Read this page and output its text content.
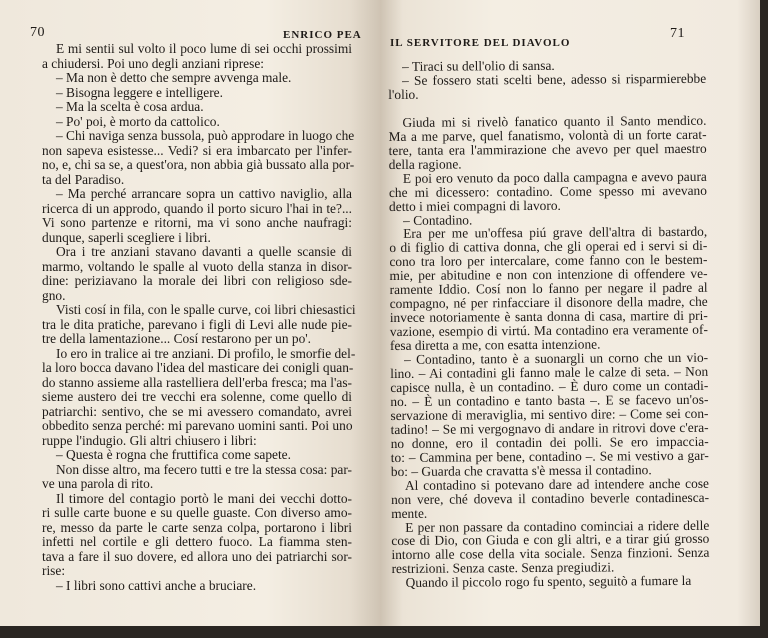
70	ENRICO PEA
E mi sentii sul volto il poco lume di sei occhi prossimi
a chiudersi. Poi uno degli anziani riprese:
– Ma non è detto che sempre avvenga male.
– Bisogna leggere e intelligere.
– Ma la scelta è cosa ardua.
– Po' poi, è morto da cattolico.
– Chi naviga senza bussola, può approdare in luogo che
non sapeva esistesse... Vedi? si era imbarcato per l'infer-
no, e, chi sa se, a quest'ora, non abbia già bussato alla por-
ta del Paradiso.
– Ma perché arrancare sopra un cattivo naviglio, alla
ricerca di un approdo, quando il porto sicuro l'hai in te?...
Vi sono partenze e ritorni, ma vi sono anche naufragi:
dunque, saperli scegliere i libri.
Ora i tre anziani stavano davanti a quelle scansie di
marmo, voltando le spalle al vuoto della stanza in disor-
dine: periziavano la morale dei libri con religioso sde-
gno.
Visti cosí in fila, con le spalle curve, coi libri chiesastici
tra le dita pratiche, parevano i figli di Levi alle nude pie-
tre della lamentazione... Cosí restarono per un po'.
Io ero in tralice ai tre anziani. Di profilo, le smorfie del-
la loro bocca davano l'idea del masticare dei conigli quan-
do stanno assieme alla rastelliera dell'erba fresca; ma l'as-
sieme austero dei tre vecchi era solenne, come quello di
patriarchi: sentivo, che se mi avessero comandato, avrei
obbedito senza perché: mi parevano uomini santi. Poi uno
ruppe l'indugio. Gli altri chiusero i libri:
– Questa è rogna che fruttifica come sapete.
Non disse altro, ma fecero tutti e tre la stessa cosa: par-
ve una parola di rito.
Il timore del contagio portò le mani dei vecchi dotto-
ri sulle carte buone e su quelle guaste. Con diverso amo-
re, messo da parte le carte senza colpa, portarono i libri
infetti nel cortile e gli dettero fuoco. La fiamma sten-
tava a fare il suo dovere, ed allora uno dei patriarchi sor-
rise:
– I libri sono cattivi anche a bruciare.
71
IL SERVITORE DEL DIAVOLO
– Tiraci su dell'olio di sansa.
– Se fossero stati scelti bene, adesso si risparmierebbe
l'olio.
Giuda mi si rivelò fanatico quanto il Santo mendico.
Ma a me parve, quel fanatismo, volontà di un forte carat-
tere, tanta era l'ammirazione che avevo per quel maestro
della ragione.
E poi ero venuto da poco dalla campagna e avevo paura
che mi dicessero: contadino. Come spesso mi avevano
detto i miei compagni di lavoro.
– Contadino.
Era per me un'offesa piú grave dell'altra di bastardo,
o di figlio di cattiva donna, che gli operai ed i servi si di-
cono tra loro per intercalare, come fanno con le bestem-
mie, per abitudine e non con intenzione di offendere ve-
ramente Iddio. Cosí non lo fanno per negare il padre al
compagno, né per rinfacciare il disonore della madre, che
invece notoriamente è santa donna di casa, martire di pri-
vazione, esempio di virtú. Ma contadino era veramente of-
fesa diretta a me, con esatta intenzione.
– Contadino, tanto è a suonargli un corno che un vio-
lino. – Ai contadini gli fanno male le calze di seta. – Non
capisce nulla, è un contadino. – È duro come un contadi-
no. – È un contadino e tanto basta –. E se facevo un'os-
servazione di meraviglia, mi sentivo dire: – Come sei con-
tadino! – Se mi vergognavo di andare in ritrovi dove c'era-
no donne, ero il contadin dei polli. Se ero impaccia-
to: – Cammina per bene, contadino –. Se mi vestivo a gar-
bo: – Guarda che cravatta s'è messa il contadino.
Al contadino si potevano dare ad intendere anche cose
non vere, ché doveva il contadino beverle contadinesca-
mente.
E per non passare da contadino cominciai a ridere delle
cose di Dio, con Giuda e con gli altri, e a tirar giú grosso
intorno alle cose della vita sociale. Senza finzioni. Senza
restrizioni. Senza caste. Senza pregiudizi.
Quando il piccolo rogo fu spento, seguitò a fumare la
